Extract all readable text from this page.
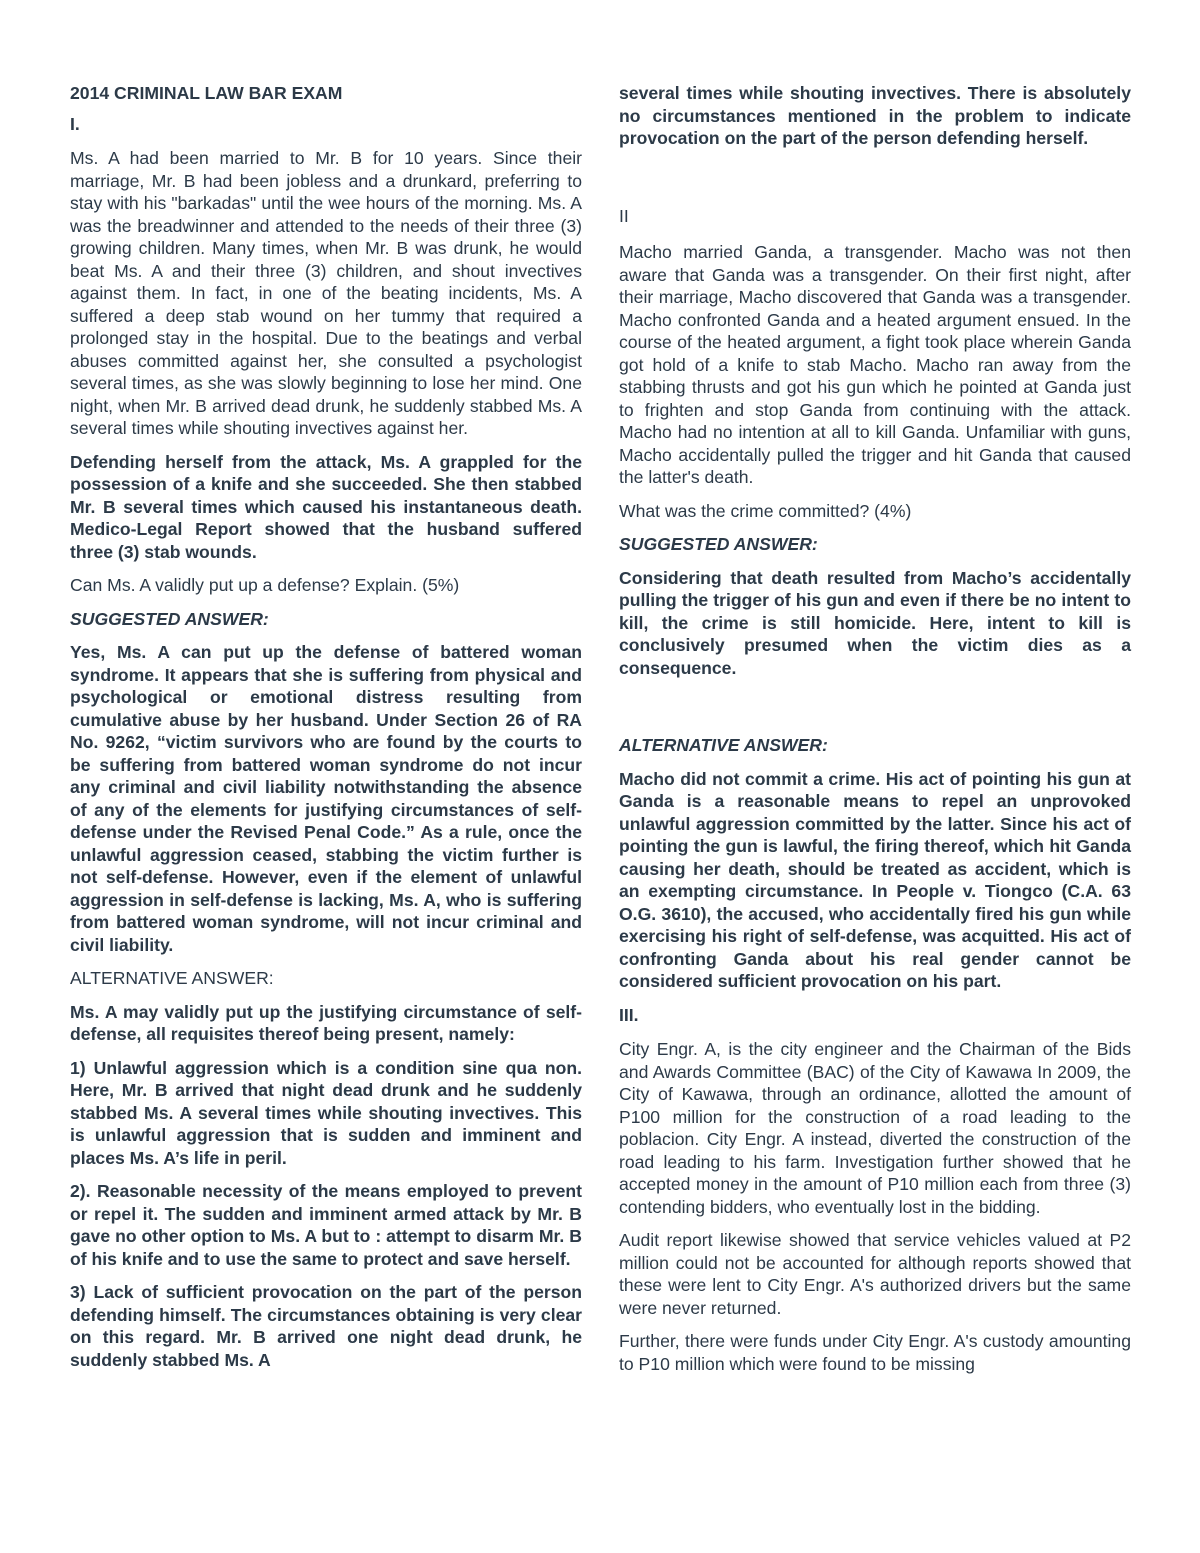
2014 CRIMINAL LAW BAR EXAM

I.

Ms. A had been married to Mr. B for 10 years. Since their marriage, Mr. B had been jobless and a drunkard, preferring to stay with his "barkadas" until the wee hours of the morning. Ms. A was the breadwinner and attended to the needs of their three (3) growing children. Many times, when Mr. B was drunk, he would beat Ms. A and their three (3) children, and shout invectives against them. In fact, in one of the beating incidents, Ms. A suffered a deep stab wound on her tummy that required a prolonged stay in the hospital. Due to the beatings and verbal abuses committed against her, she consulted a psychologist several times, as she was slowly beginning to lose her mind. One night, when Mr. B arrived dead drunk, he suddenly stabbed Ms. A several times while shouting invectives against her.

Defending herself from the attack, Ms. A grappled for the possession of a knife and she succeeded. She then stabbed Mr. B several times which caused his instantaneous death. Medico-Legal Report showed that the husband suffered three (3) stab wounds.

Can Ms. A validly put up a defense? Explain. (5%)

SUGGESTED ANSWER:

Yes, Ms. A can put up the defense of battered woman syndrome. It appears that she is suffering from physical and psychological or emotional distress resulting from cumulative abuse by her husband. Under Section 26 of RA No. 9262, “victim survivors who are found by the courts to be suffering from battered woman syndrome do not incur any criminal and civil liability notwithstanding the absence of any of the elements for justifying circumstances of self-defense under the Revised Penal Code.” As a rule, once the unlawful aggression ceased, stabbing the victim further is not self-defense. However, even if the element of unlawful aggression in self-defense is lacking, Ms. A, who is suffering from battered woman syndrome, will not incur criminal and civil liability.

ALTERNATIVE ANSWER:

Ms. A may validly put up the justifying circumstance of self-defense, all requisites thereof being present, namely:

1) Unlawful aggression which is a condition sine qua non. Here, Mr. B arrived that night dead drunk and he suddenly stabbed Ms. A several times while shouting invectives. This is unlawful aggression that is sudden and imminent and places Ms. A’s life in peril.

2). Reasonable necessity of the means employed to prevent or repel it. The sudden and imminent armed attack by Mr. B gave no other option to Ms. A but to : attempt to disarm Mr. B of his knife and to use the same to protect and save herself.

3) Lack of sufficient provocation on the part of the person defending himself. The circumstances obtaining is very clear on this regard. Mr. B arrived one night dead drunk, he suddenly stabbed Ms. A

several times while shouting invectives. There is absolutely no circumstances mentioned in the problem to indicate provocation on the part of the person defending herself.

II

Macho married Ganda, a transgender. Macho was not then aware that Ganda was a transgender. On their first night, after their marriage, Macho discovered that Ganda was a transgender. Macho confronted Ganda and a heated argument ensued. In the course of the heated argument, a fight took place wherein Ganda got hold of a knife to stab Macho. Macho ran away from the stabbing thrusts and got his gun which he pointed at Ganda just to frighten and stop Ganda from continuing with the attack. Macho had no intention at all to kill Ganda. Unfamiliar with guns, Macho accidentally pulled the trigger and hit Ganda that caused the latter's death.

What was the crime committed? (4%)

SUGGESTED ANSWER:

Considering that death resulted from Macho’s accidentally pulling the trigger of his gun and even if there be no intent to kill, the crime is still homicide. Here, intent to kill is conclusively presumed when the victim dies as a consequence.

ALTERNATIVE ANSWER:

Macho did not commit a crime. His act of pointing his gun at Ganda is a reasonable means to repel an unprovoked unlawful aggression committed by the latter. Since his act of pointing the gun is lawful, the firing thereof, which hit Ganda causing her death, should be treated as accident, which is an exempting circumstance. In People v. Tiongco (C.A. 63 O.G. 3610), the accused, who accidentally fired his gun while exercising his right of self-defense, was acquitted. His act of confronting Ganda about his real gender cannot be considered sufficient provocation on his part.

III.

City Engr. A, is the city engineer and the Chairman of the Bids and Awards Committee (BAC) of the City of Kawawa In 2009, the City of Kawawa, through an ordinance, allotted the amount of P100 million for the construction of a road leading to the poblacion. City Engr. A instead, diverted the construction of the road leading to his farm. Investigation further showed that he accepted money in the amount of P10 million each from three (3) contending bidders, who eventually lost in the bidding.

Audit report likewise showed that service vehicles valued at P2 million could not be accounted for although reports showed that these were lent to City Engr. A's authorized drivers but the same were never returned.

Further, there were funds under City Engr. A's custody amounting to P10 million which were found to be missing
